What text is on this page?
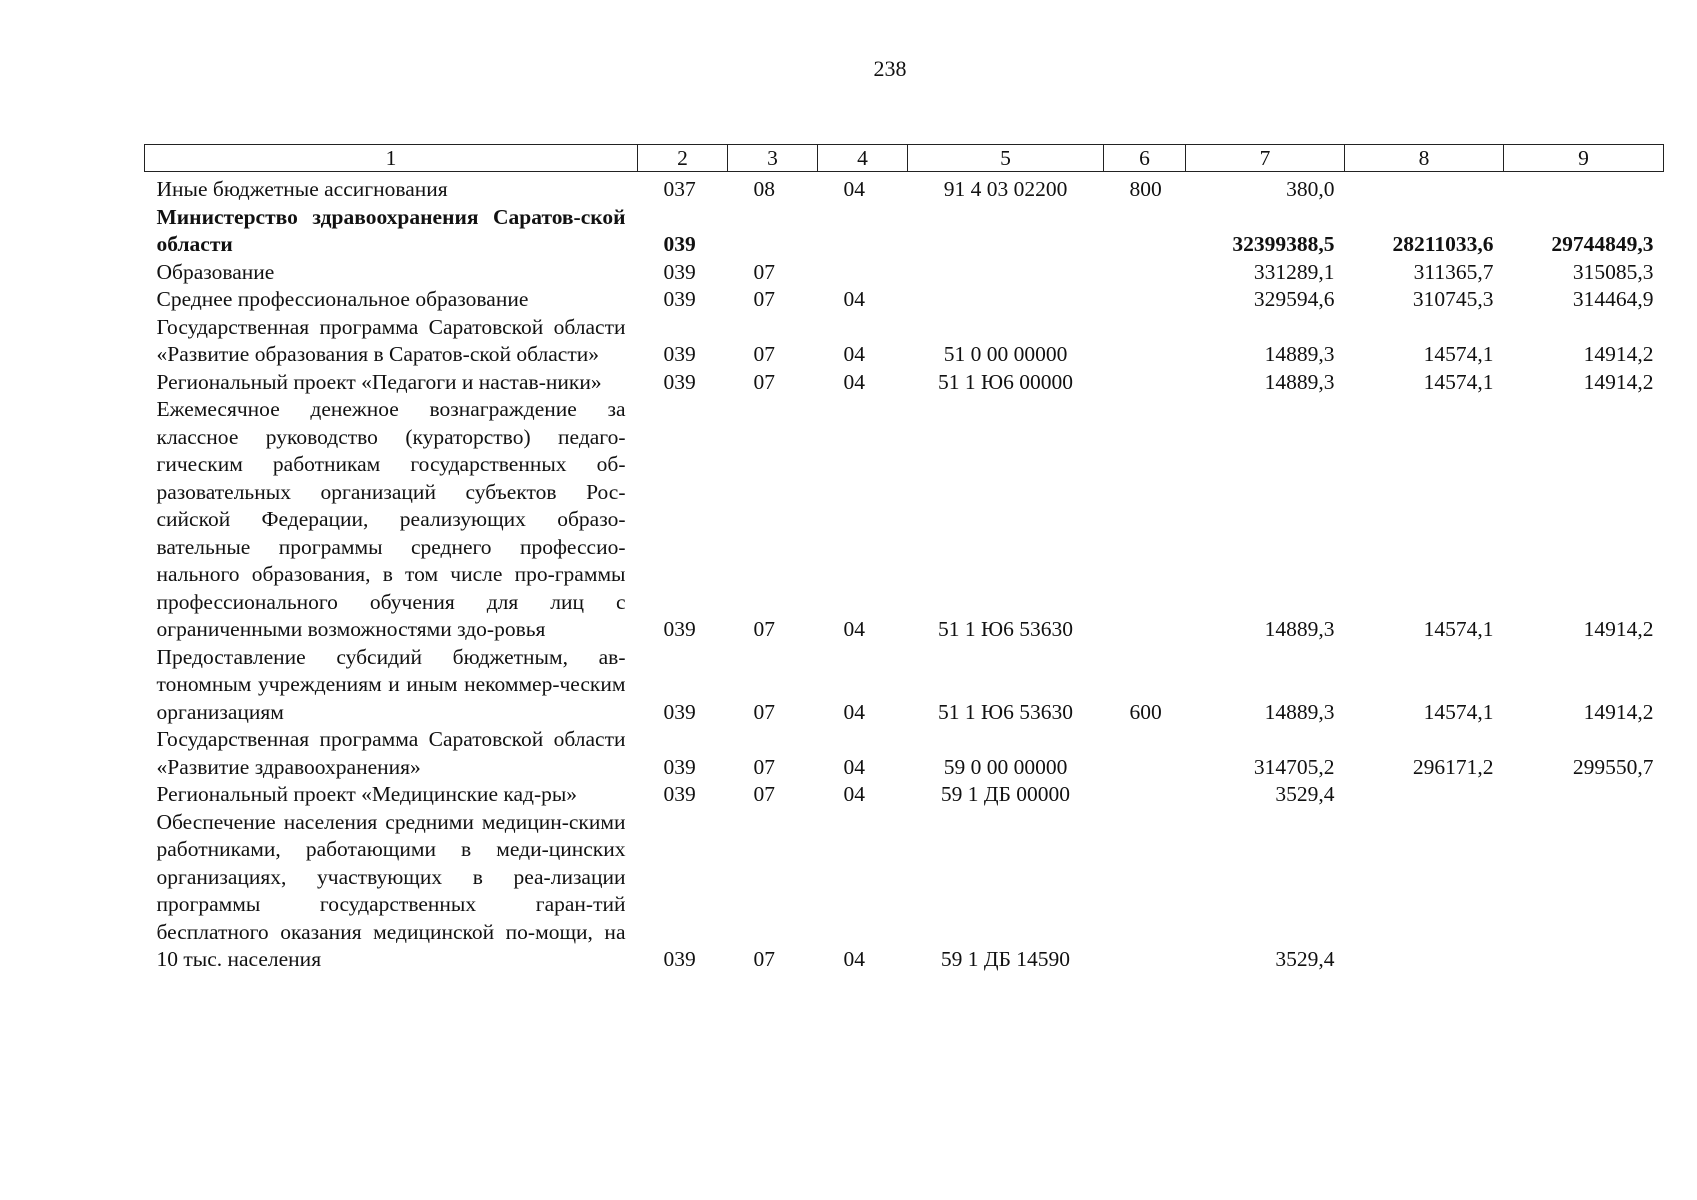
238
1	2	3	4	5	6	7	8	9
Иные бюджетные ассигнования	037	08	04	91 4 03 02200	800	380,0		
Министерство здравоохранения Саратов-ской области	039					32399388,5	28211033,6	29744849,3
Образование	039	07				331289,1	311365,7	315085,3
Среднее профессиональное образование	039	07	04			329594,6	310745,3	314464,9
Государственная программа Саратовской области «Развитие образования в Саратов-ской области»	039	07	04	51 0 00 00000		14889,3	14574,1	14914,2
Региональный проект «Педагоги и настав-ники»	039	07	04	51 1 Ю6 00000		14889,3	14574,1	14914,2
Ежемесячное денежное вознаграждение за классное руководство (кураторство) педаго-гическим работникам государственных об-разовательных организаций субъектов Рос-сийской Федерации, реализующих образо-вательные программы среднего профессио-нального образования, в том числе про-граммы профессионального обучения для лиц с ограниченными возможностями здо-ровья	039	07	04	51 1 Ю6 53630		14889,3	14574,1	14914,2
Предоставление субсидий бюджетным, ав-тономным учреждениям и иным некоммер-ческим организациям	039	07	04	51 1 Ю6 53630	600	14889,3	14574,1	14914,2
Государственная программа Саратовской области «Развитие здравоохранения»	039	07	04	59 0 00 00000		314705,2	296171,2	299550,7
Региональный проект «Медицинские кад-ры»	039	07	04	59 1 ДБ 00000		3529,4		
Обеспечение населения средними медицин-скими работниками, работающими в меди-цинских организациях, участвующих в реа-лизации программы государственных гаран-тий бесплатного оказания медицинской по-мощи, на 10 тыс. населения	039	07	04	59 1 ДБ 14590		3529,4		
